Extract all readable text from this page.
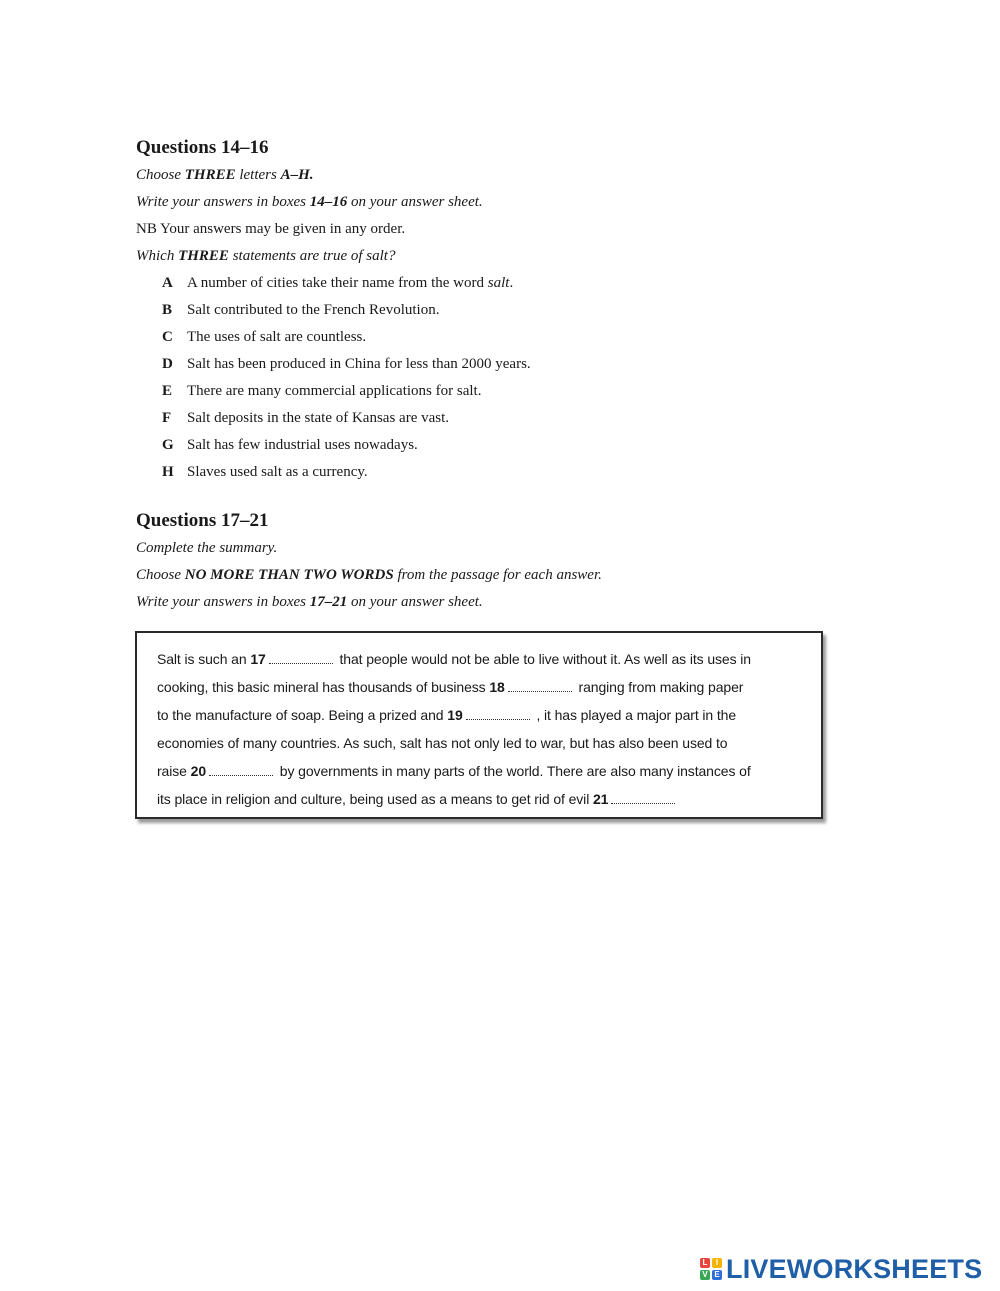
Questions 14–16

Choose THREE letters A–H.

Write your answers in boxes 14–16 on your answer sheet.

NB Your answers may be given in any order.

Which THREE statements are true of salt?

A A number of cities take their name from the word salt.
B Salt contributed to the French Revolution.
C The uses of salt are countless.
D Salt has been produced in China for less than 2000 years.
E There are many commercial applications for salt.
F Salt deposits in the state of Kansas are vast.
G Salt has few industrial uses nowadays.
H Slaves used salt as a currency.
Questions 17–21

Complete the summary.

Choose NO MORE THAN TWO WORDS from the passage for each answer.

Write your answers in boxes 17–21 on your answer sheet.

Salt is such an 17	that people would not be able to live without it. As well as its uses in
cooking, this basic mineral has thousands of business 18	ranging from making paper
to the manufacture of soap. Being a prized and 19	, it has played a major part in the
economies of many countries. As such, salt has not only led to war, but has also been used to
raise 20	by governments in many parts of the world. There are also many instances of
its place in religion and culture, being used as a means to get rid of evil 21
L	I
V E LIVEWORKSHEETS
